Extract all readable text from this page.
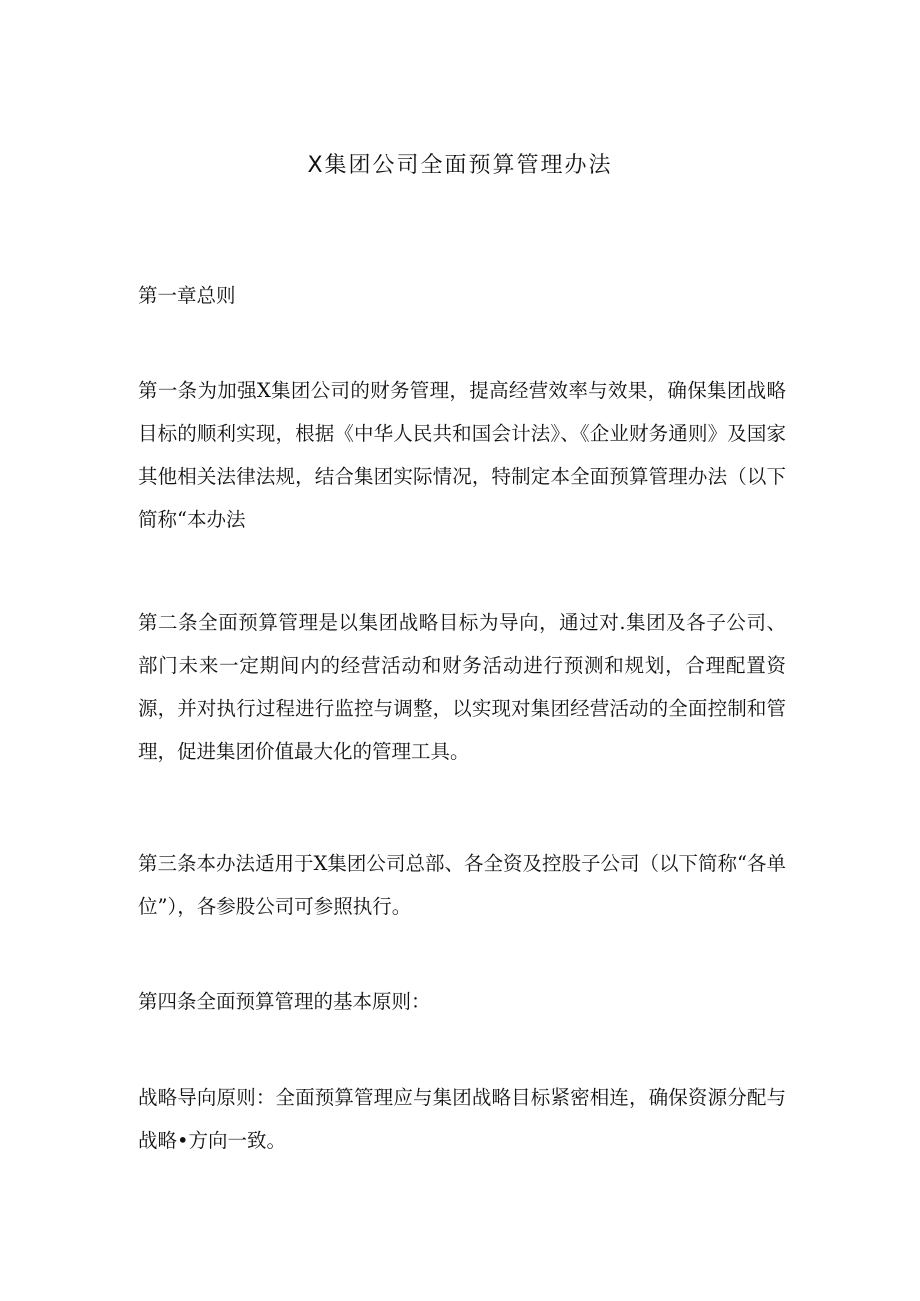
X集团公司全面预算管理办法

第一章总则

第一条为加强X集团公司的财务管理，提高经营效率与效果，确保集团战略目标的顺利实现，根据《中华人民共和国会计法》、《企业财务通则》及国家其他相关法律法规，结合集团实际情况，特制定本全面预算管理办法（以下简称“本办法

第二条全面预算管理是以集团战略目标为导向，通过对.集团及各子公司、部门未来一定期间内的经营活动和财务活动进行预测和规划，合理配置资源，并对执行过程进行监控与调整，以实现对集团经营活动的全面控制和管理，促进集团价值最大化的管理工具。

第三条本办法适用于X集团公司总部、各全资及控股子公司（以下简称“各单位”），各参股公司可参照执行。

第四条全面预算管理的基本原则：

战略导向原则：全面预算管理应与集团战略目标紧密相连，确保资源分配与战略•方向一致。
